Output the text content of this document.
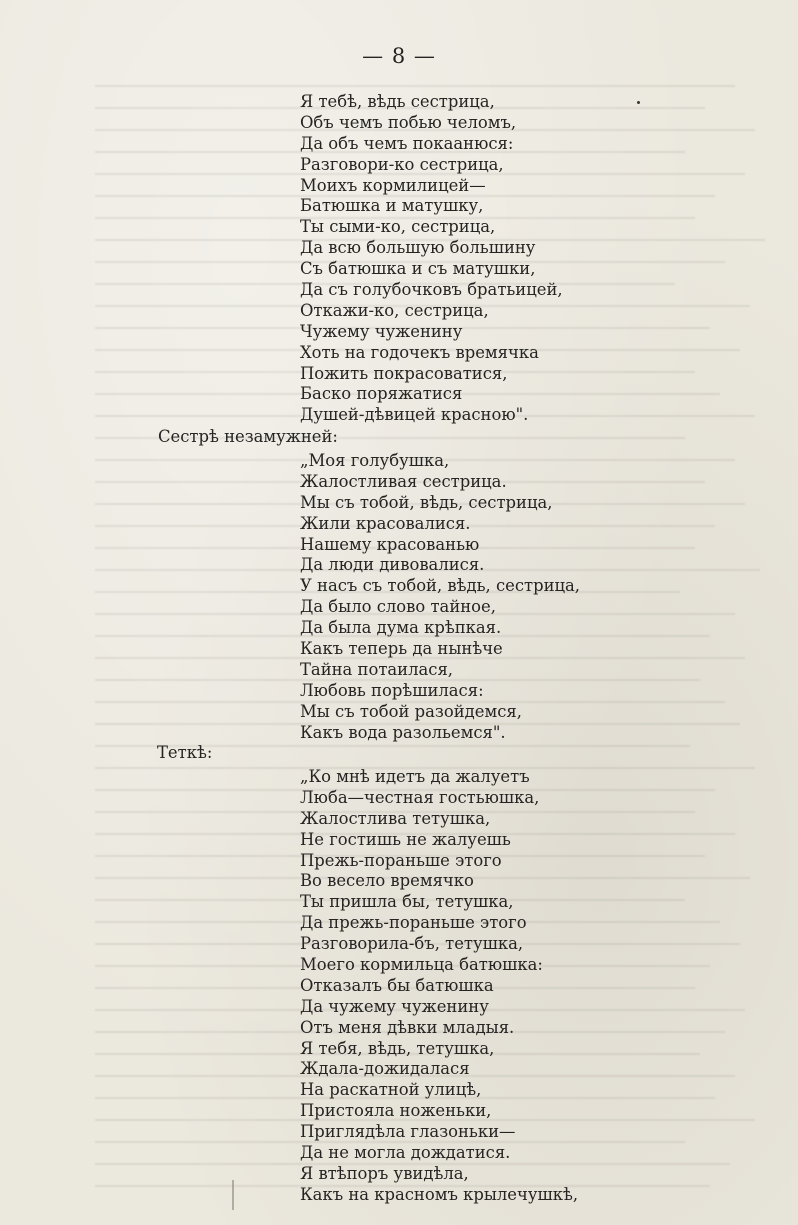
— 8 —
Я тебѣ, вѣдь сестрица,
Объ чемъ побью челомъ,
Да объ чемъ покаанюся:
Разговори-ко сестрица,
Моихъ кормилицей—
Батюшка и матушку,
Ты сыми-ко, сестрица,
Да всю большую большину
Съ батюшка и съ матушки,
Да съ голубочковъ братьицей,
Откажи-ко, сестрица,
Чужему чуженину
Хоть на годочекъ времячка
Пожить покрасоватися,
Баско поряжатися
Душей-дѣвицей красною".
Сестрѣ незамужней:
„Моя голубушка,
Жалостливая сестрица.
Мы съ тобой, вѣдь, сестрица,
Жили красовалися.
Нашему красованью
Да люди дивовалися.
У насъ съ тобой, вѣдь, сестрица,
Да было слово тайное,
Да была дума крѣпкая.
Какъ теперь да нынѣче
Тайна потаилася,
Любовь порѣшилася:
Мы съ тобой разойдемся,
Какъ вода разольемся".
Теткѣ:
„Ко мнѣ идетъ да жалуетъ
Люба—честная гостьюшка,
Жалостлива тетушка,
Не гостишь не жалуешь
Прежь-пораньше этого
Во весело времячко
Ты пришла бы, тетушка,
Да прежь-пораньше этого
Разговорила-бъ, тетушка,
Моего кормильца батюшка:
Отказалъ бы батюшка
Да чужему чуженину
Отъ меня дѣвки младыя.
Я тебя, вѣдь, тетушка,
Ждала-дожидалася
На раскатной улицѣ,
Пристояла ноженьки,
Приглядѣла глазоньки—
Да не могла дождатися.
Я втѣпоръ увидѣла,
Какъ на красномъ крылечушкѣ,
